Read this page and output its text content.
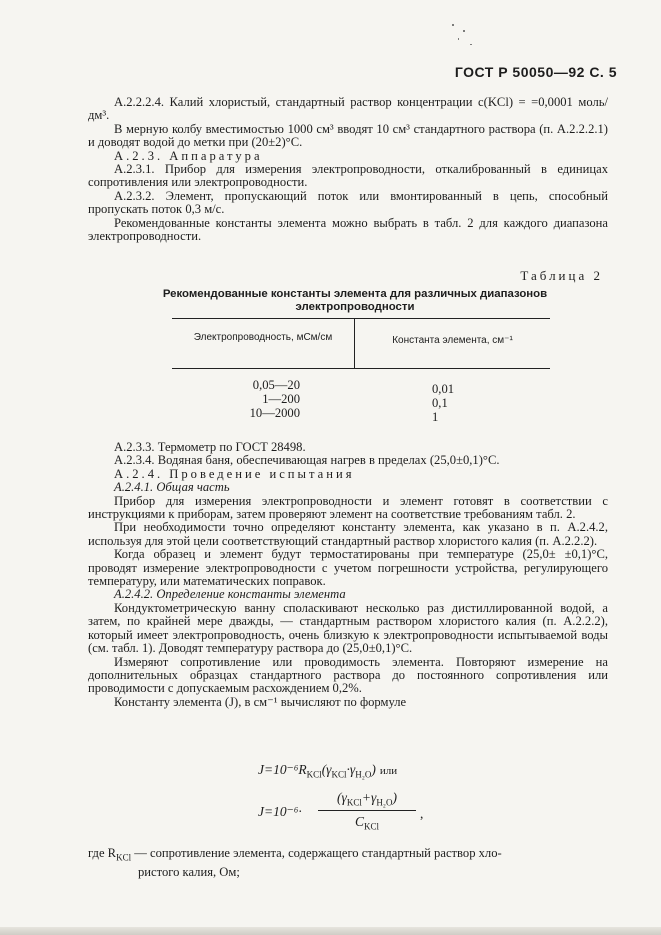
ГОСТ Р 50050—92 С. 5

А.2.2.2.4. Калий хлористый, стандартный раствор концентрации с(KCl) = =0,0001 моль/дм³.

В мерную колбу вместимостью 1000 см³ вводят 10 см³ стандартного раствора (п. А.2.2.2.1) и доводят водой до метки при (20±2)°С.

А.2.3. Аппаратура

А.2.3.1. Прибор для измерения электропроводности, откалиброванный в единицах сопротивления или электропроводности.

А.2.3.2. Элемент, пропускающий поток или вмонтированный в цепь, способный пропускать поток 0,3 м/с.

Рекомендованные константы элемента можно выбрать в табл. 2 для каждого диапазона электропроводности.

Таблица 2
Рекомендованные константы элемента для различных диапазонов электропроводности
Электропроводность, мСм/см	Константа элемента, см⁻¹
0,05—20	0,01
1—200	0,1
10—2000	1

А.2.3.3. Термометр по ГОСТ 28498.

А.2.3.4. Водяная баня, обеспечивающая нагрев в пределах (25,0±0,1)°С.

А.2.4. Проведение испытания

А.2.4.1. Общая часть

Прибор для измерения электропроводности и элемент готовят в соответствии с инструкциями к приборам, затем проверяют элемент на соответствие требованиям табл. 2.

При необходимости точно определяют константу элемента, как указано в п. А.2.4.2, используя для этой цели соответствующий стандартный раствор хлористого калия (п. А.2.2.2).

Когда образец и элемент будут термостатированы при температуре (25,0± ±0,1)°С, проводят измерение электропроводности с учетом погрешности устройства, регулирующего температуру, или математических поправок.

А.2.4.2. Определение константы элемента

Кондуктометрическую ванну споласкивают несколько раз дистиллированной водой, а затем, по крайней мере дважды, — стандартным раствором хлористого калия (п. А.2.2.2), который имеет электропроводность, очень близкую к электропроводности испытываемой воды (см. табл. 1). Доводят температуру раствора до (25,0±0,1)°С.

Измеряют сопротивление или проводимость элемента. Повторяют измерение на дополнительных образцах стандартного раствора до постоянного сопротивления или проводимости с допускаемым расхождением 0,2%.

Константу элемента (J), в см⁻¹ вычисляют по формуле

$J=10^{-6}R_{KCl}(\gamma_{KCl}\cdot\gamma_{H_2O})$ или
J=10⁻⁶·
$(\gamma_{KCl}+\gamma_{H_2O})$
$C_{KCl}$
,
где $R_{KCl}$ — сопротивление элемента, содержащего стандартный раствор хло-
ристого калия, Ом;
